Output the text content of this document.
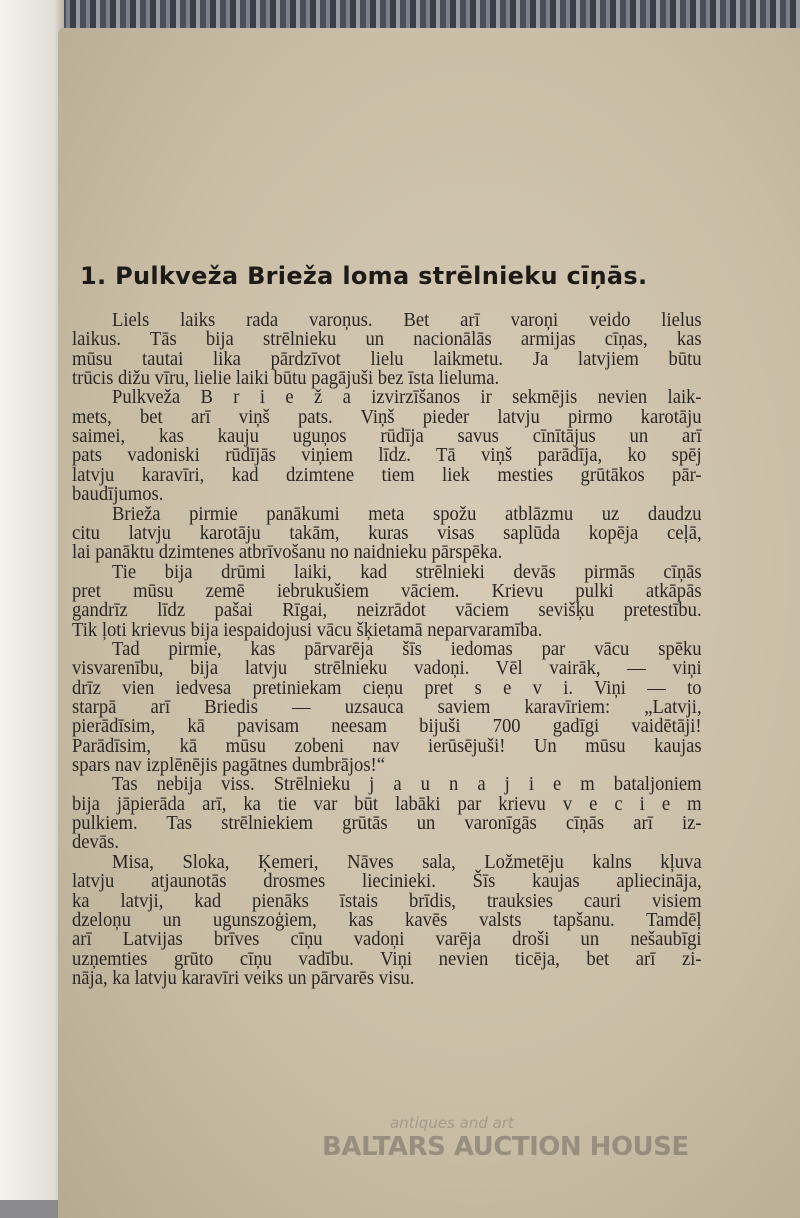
1. Pulkveža Brieža loma strēlnieku cīņās.
Liels laiks rada varoņus. Bet arī varoņi veido lielus
laikus. Tās bija strēlnieku un nacionālās armijas cīņas, kas
mūsu tautai lika pārdzīvot lielu laikmetu. Ja latvjiem būtu
trūcis dižu vīru, lielie laiki būtu pagājuši bez īsta lieluma.
Pulkveža B r i e ž a izvirzīšanos ir sekmējis nevien laik-
mets, bet arī viņš pats. Viņš pieder latvju pirmo karotāju
saimei, kas kauju uguņos rūdīja savus cīnītājus un arī
pats vadoniski rūdījās viņiem līdz. Tā viņš parādīja, ko spēj
latvju karavīri, kad dzimtene tiem liek mesties grūtākos pār-
baudījumos.
Brieža pirmie panākumi meta spožu atblāzmu uz daudzu
citu latvju karotāju takām, kuras visas saplūda kopēja ceļā,
lai panāktu dzimtenes atbrīvošanu no naidnieku pārspēka.
Tie bija drūmi laiki, kad strēlnieki devās pirmās cīņās
pret mūsu zemē iebrukušiem vāciem. Krievu pulki atkāpās
gandrīz līdz pašai Rīgai, neizrādot vāciem sevišķu pretestību.
Tik ļoti krievus bija iespaidojusi vācu šķietamā neparvaramība.
Tad pirmie, kas pārvarēja šīs iedomas par vācu spēku
visvarenību, bija latvju strēlnieku vadoņi. Vēl vairāk, — viņi
drīz vien iedvesa pretiniekam cieņu pret s e v i. Viņi — to
starpā arī Briedis — uzsauca saviem karavīriem: „Latvji,
pierādīsim, kā pavisam neesam bijuši 700 gadīgi vaidētāji!
Parādīsim, kā mūsu zobeni nav ierūsējuši! Un mūsu kaujas
spars nav izplēnējis pagātnes dumbrājos!“
Tas nebija viss. Strēlnieku j a u n a j i e m bataljoniem
bija jāpierāda arī, ka tie var būt labāki par krievu v e c i e m
pulkiem. Tas strēlniekiem grūtās un varonīgās cīņās arī iz-
devās.
Misa, Sloka, Ķemeri, Nāves sala, Ložmetēju kalns kļuva
latvju atjaunotās drosmes liecinieki. Šīs kaujas apliecināja,
ka latvji, kad pienāks īstais brīdis, trauksies cauri visiem
dzeloņu un ugunszoģiem, kas kavēs valsts tapšanu. Tamdēļ
arī Latvijas brīves cīņu vadoņi varēja droši un nešaubīgi
uzņemties grūto cīņu vadību. Viņi nevien ticēja, bet arī zi-
nāja, ka latvju karavīri veiks un pārvarēs visu.
antiques and art
BALTARS AUCTION HOUSE
